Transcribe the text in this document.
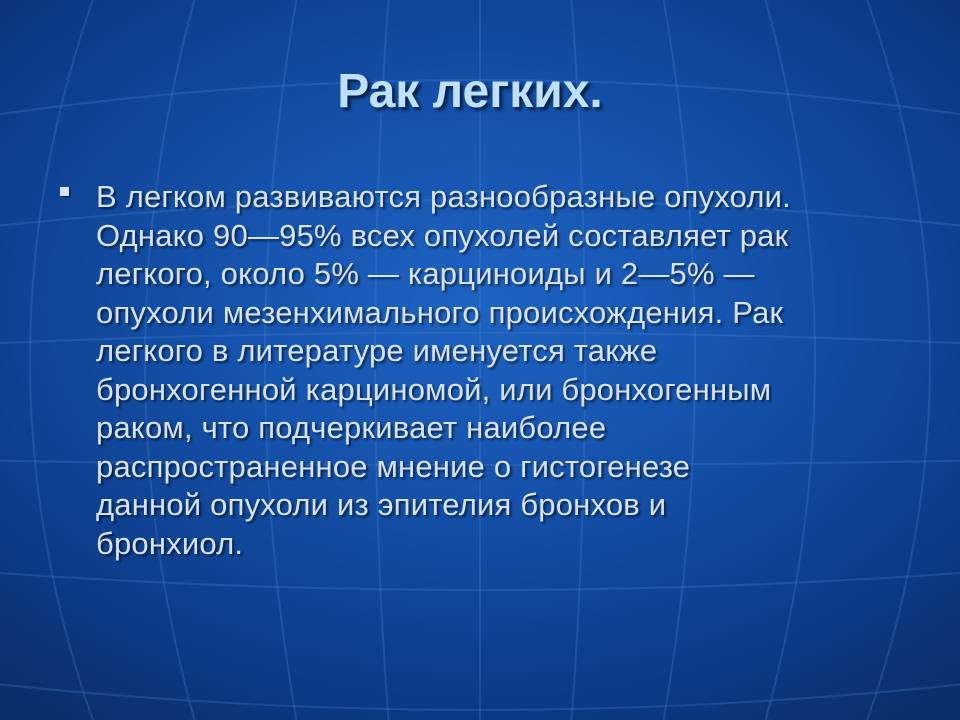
Рак легких.

В легком развиваются разнообразные опухоли.
Однако 90—95% всех опухолей составляет рак
легкого, около 5% — карциноиды и 2—5% —
опухоли мезенхимального происхождения. Рак
легкого в литературе именуется также
бронхогенной карциномой, или бронхогенным
раком, что подчеркивает наиболее
распространенное мнение о гистогенезе
данной опухоли из эпителия бронхов и
бронхиол.
